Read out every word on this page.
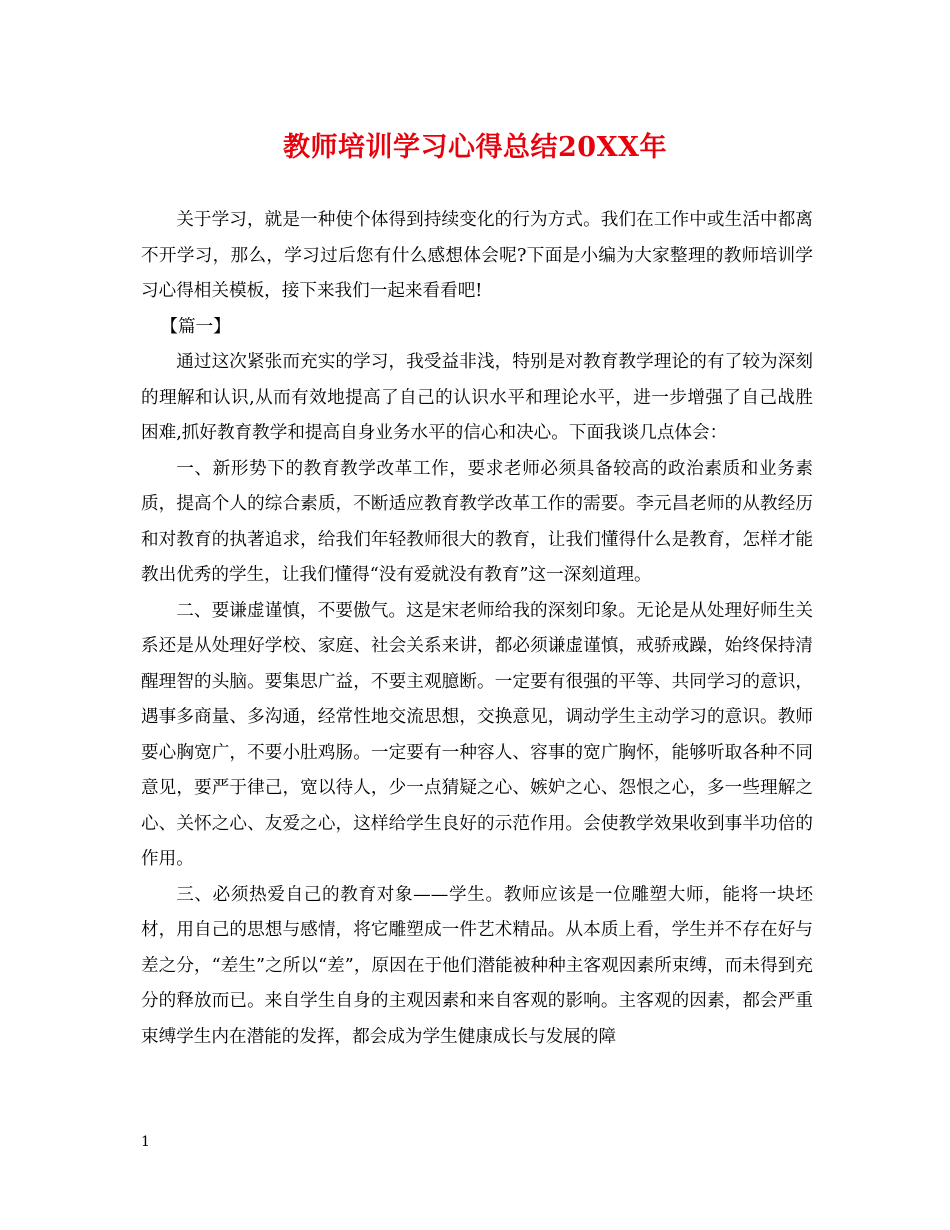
教师培训学习心得总结20XX年

关于学习，就是一种使个体得到持续变化的行为方式。我们在工作中或生活中都离不开学习，那么，学习过后您有什么感想体会呢?下面是小编为大家整理的教师培训学习心得相关模板，接下来我们一起来看看吧!

【篇一】

通过这次紧张而充实的学习，我受益非浅，特别是对教育教学理论的有了较为深刻的理解和认识,从而有效地提高了自己的认识水平和理论水平，进一步增强了自己战胜困难,抓好教育教学和提高自身业务水平的信心和决心。下面我谈几点体会：

一、新形势下的教育教学改革工作，要求老师必须具备较高的政治素质和业务素质，提高个人的综合素质，不断适应教育教学改革工作的需要。李元昌老师的从教经历和对教育的执著追求，给我们年轻教师很大的教育，让我们懂得什么是教育，怎样才能教出优秀的学生，让我们懂得“没有爱就没有教育”这一深刻道理。

二、要谦虚谨慎，不要傲气。这是宋老师给我的深刻印象。无论是从处理好师生关系还是从处理好学校、家庭、社会关系来讲，都必须谦虚谨慎，戒骄戒躁，始终保持清醒理智的头脑。要集思广益，不要主观臆断。一定要有很强的平等、共同学习的意识，遇事多商量、多沟通，经常性地交流思想，交换意见，调动学生主动学习的意识。教师要心胸宽广，不要小肚鸡肠。一定要有一种容人、容事的宽广胸怀，能够听取各种不同意见，要严于律己，宽以待人，少一点猜疑之心、嫉妒之心、怨恨之心，多一些理解之心、关怀之心、友爱之心，这样给学生良好的示范作用。会使教学效果收到事半功倍的作用。

三、必须热爱自己的教育对象——学生。教师应该是一位雕塑大师，能将一块坯材，用自己的思想与感情，将它雕塑成一件艺术精品。从本质上看，学生并不存在好与差之分，“差生”之所以“差”，原因在于他们潜能被种种主客观因素所束缚，而未得到充分的释放而已。来自学生自身的主观因素和来自客观的影响。主客观的因素，都会严重束缚学生内在潜能的发挥，都会成为学生健康成长与发展的障

1
